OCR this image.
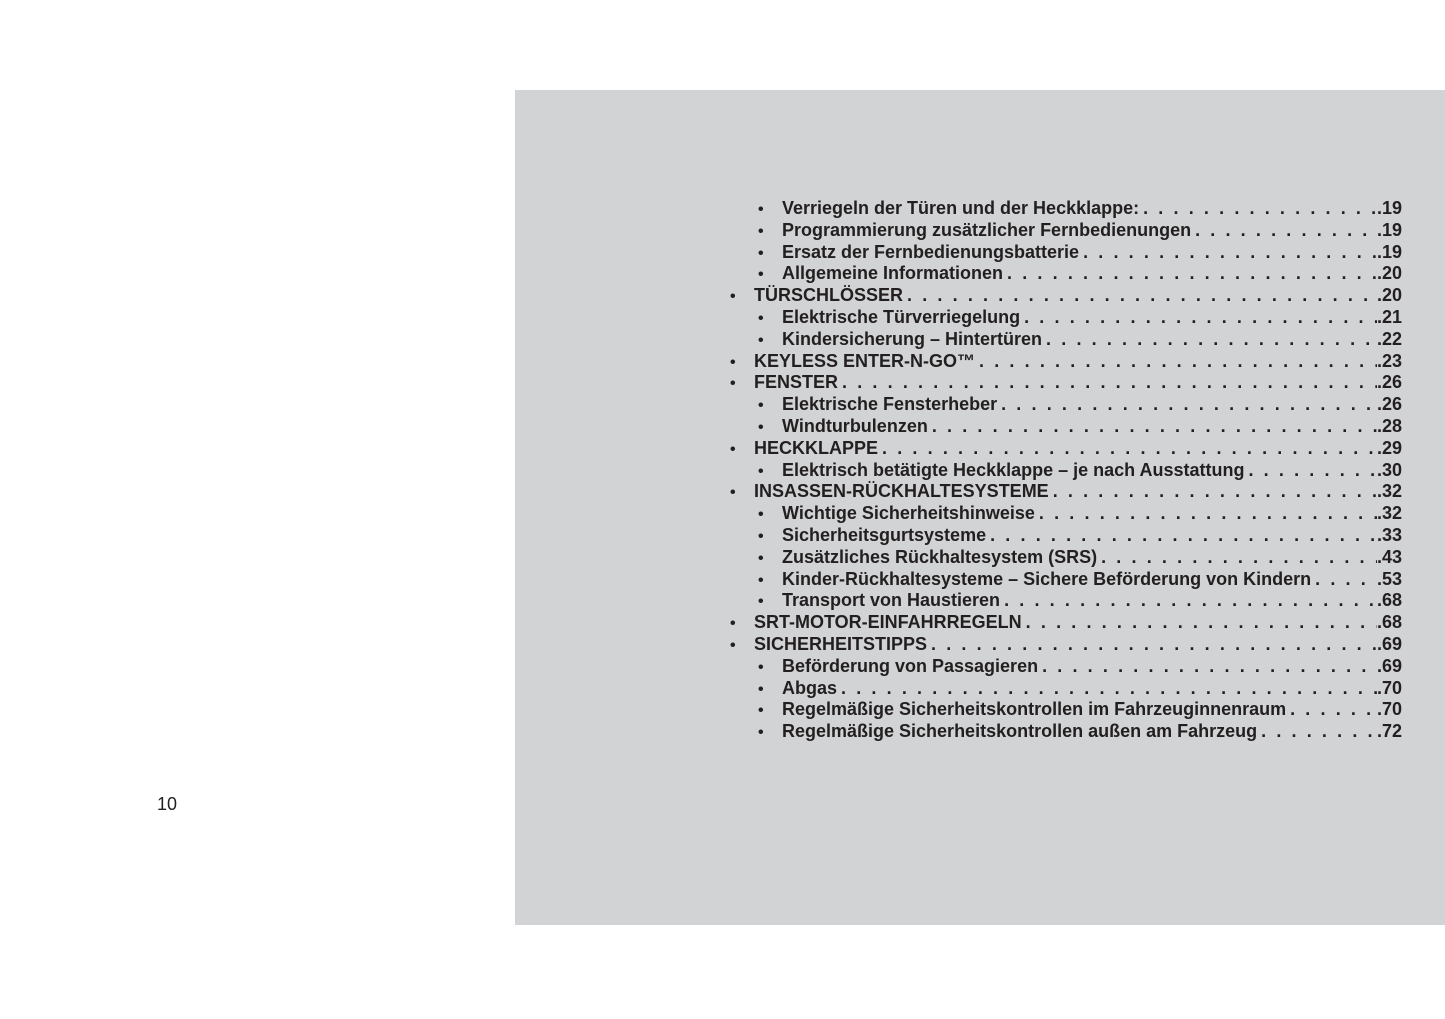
10
•	Verriegeln der Türen und der Heckklappe: . . .	.19
•	Programmierung zusätzlicher Fernbedienungen . . .	.19
•	Ersatz der Fernbedienungsbatterie . . .	.19
•	Allgemeine Informationen . . .	.20
•	TÜRSCHLÖSSER . . .	.20
•	Elektrische Türverriegelung . . .	.21
•	Kindersicherung – Hintertüren . . .	.22
•	KEYLESS ENTER-N-GO™ . . .	.23
•	FENSTER . . .	.26
•	Elektrische Fensterheber . . .	.26
•	Windturbulenzen . . .	.28
•	HECKKLAPPE . . .	.29
•	Elektrisch betätigte Heckklappe – je nach Ausstattung . . .	.30
•	INSASSEN-RÜCKHALTESYSTEME . . .	.32
•	Wichtige Sicherheitshinweise . . .	.32
•	Sicherheitsgurtsysteme . . .	.33
•	Zusätzliches Rückhaltesystem (SRS) . . .	.43
•	Kinder-Rückhaltesysteme – Sichere Beförderung von Kindern . . .	.53
•	Transport von Haustieren . . .	.68
•	SRT-MOTOR-EINFAHRREGELN . . .	.68
•	SICHERHEITSTIPPS . . .	.69
•	Beförderung von Passagieren . . .	.69
•	Abgas . . .	.70
•	Regelmäßige Sicherheitskontrollen im Fahrzeuginnenraum . . .	.70
•	Regelmäßige Sicherheitskontrollen außen am Fahrzeug . . .	.72
